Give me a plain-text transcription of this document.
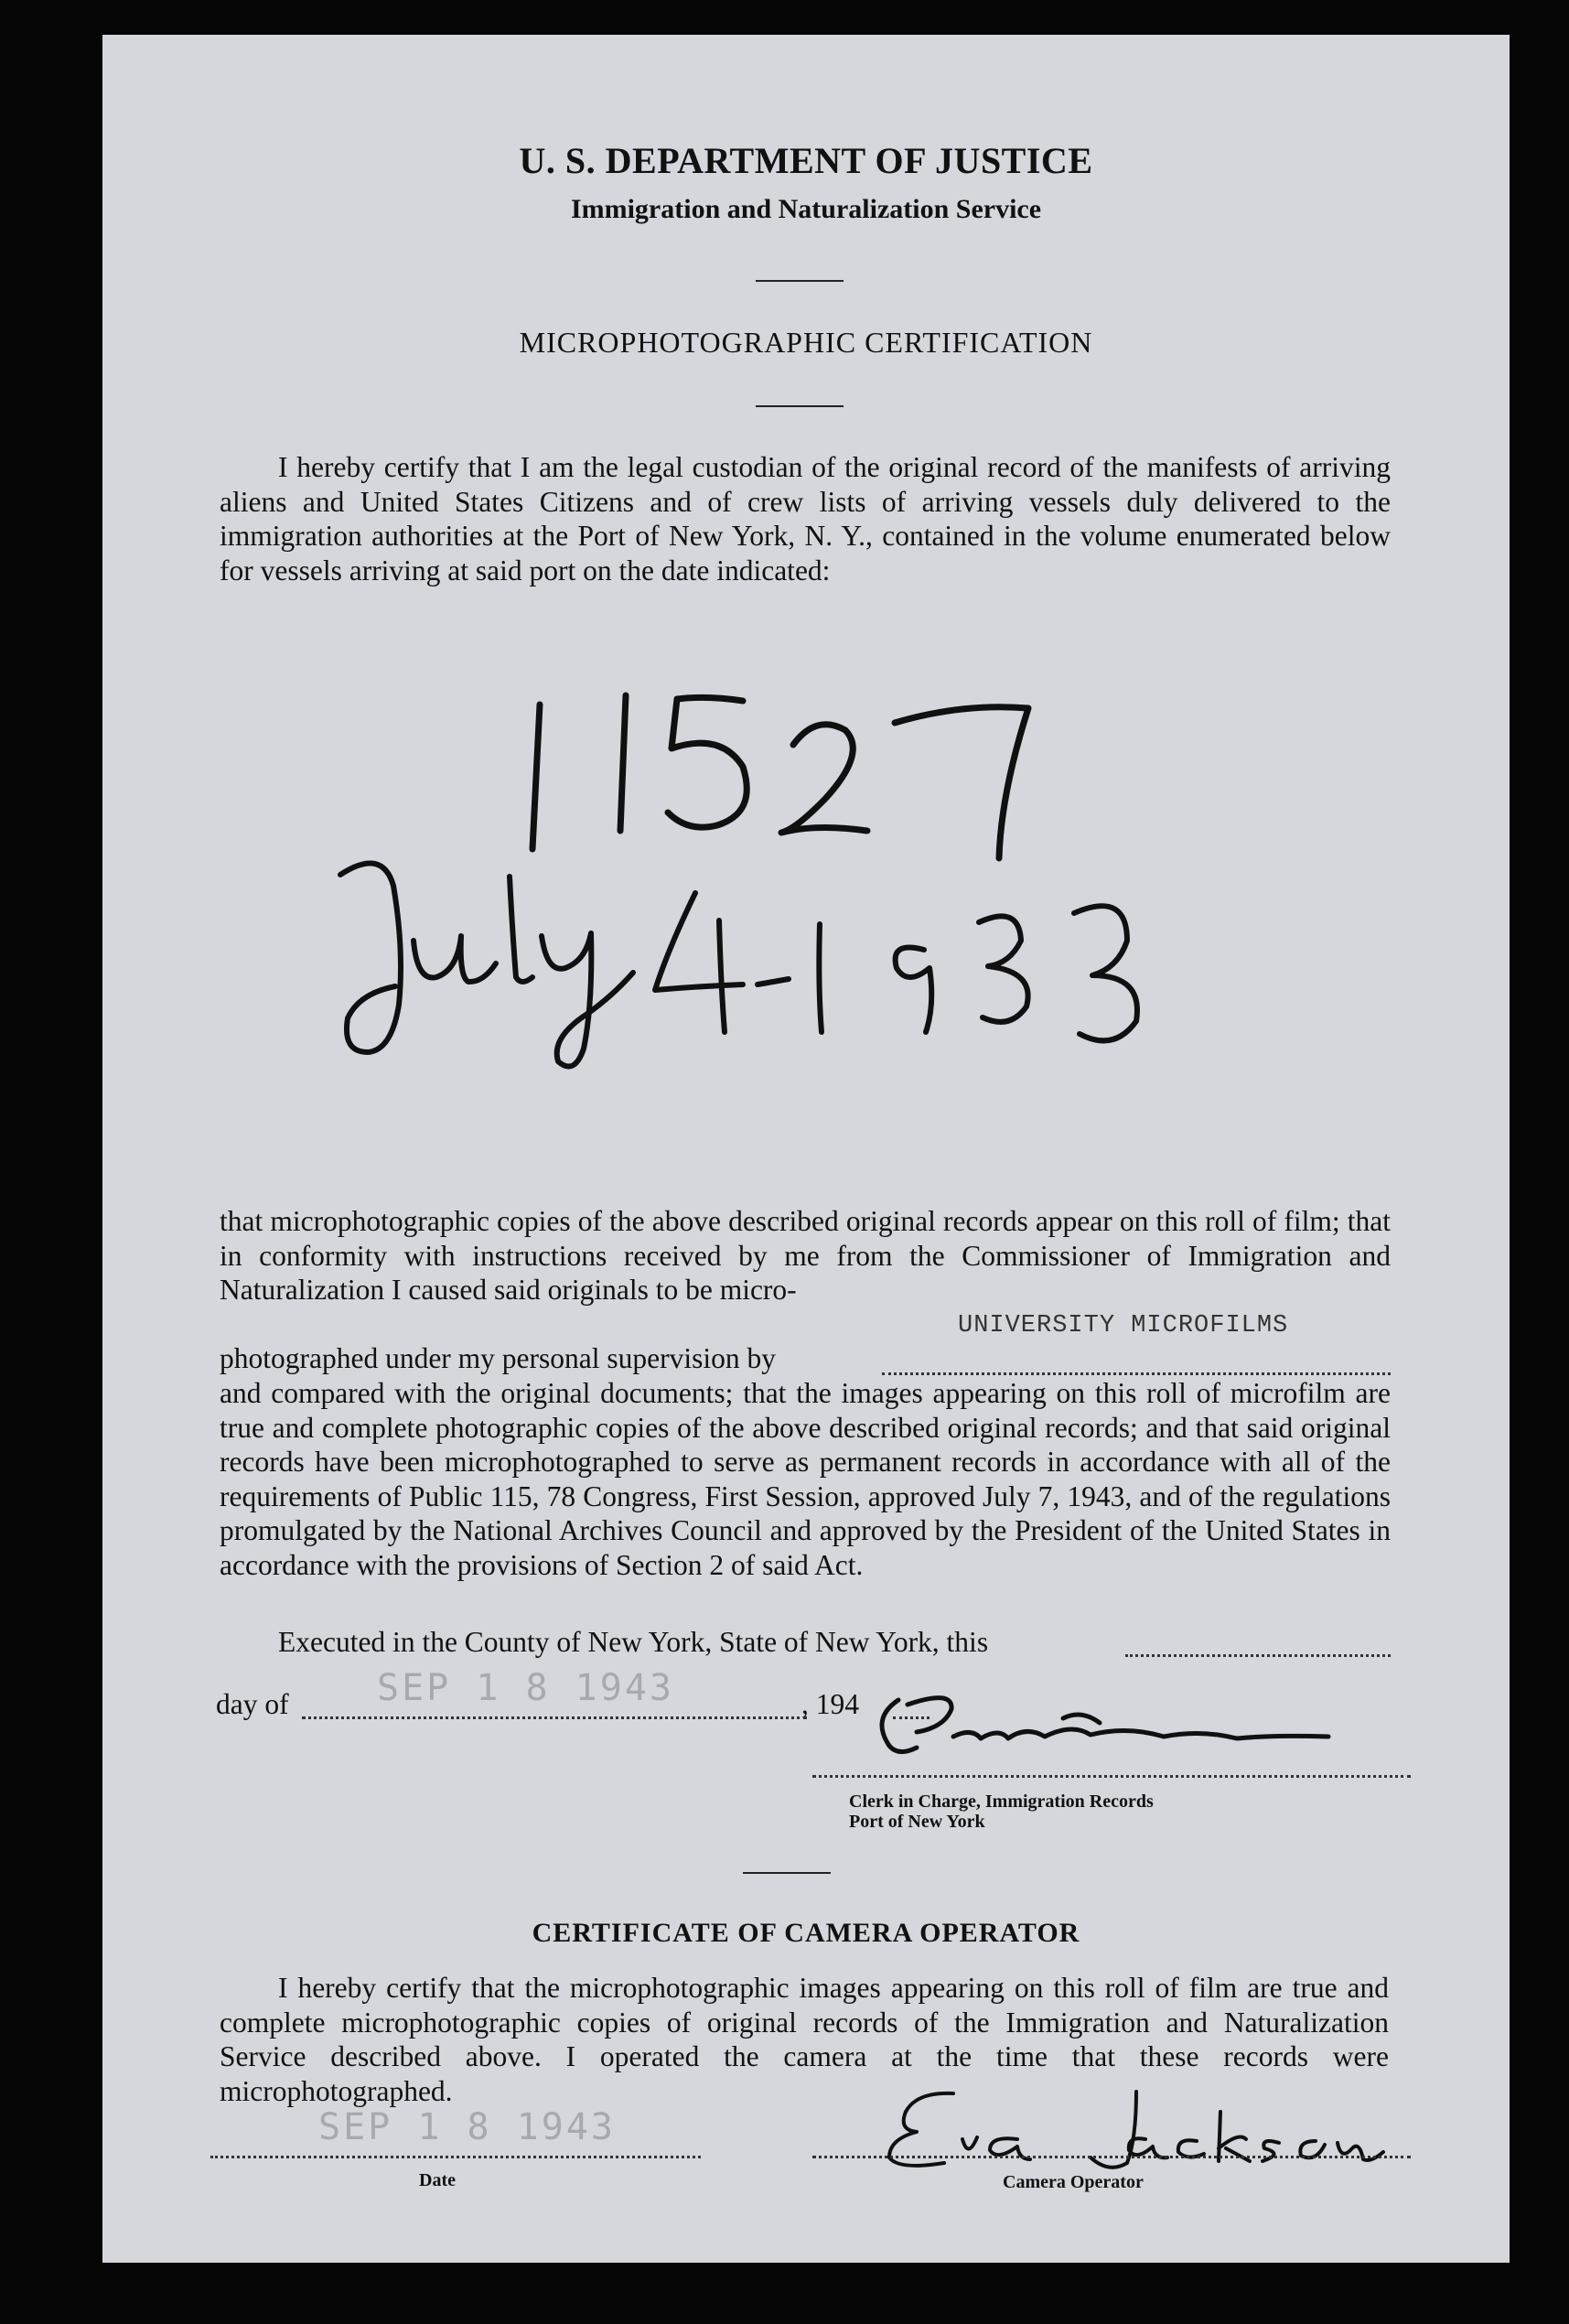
U. S. DEPARTMENT OF JUSTICE
Immigration and Naturalization Service
MICROPHOTOGRAPHIC CERTIFICATION
I hereby certify that I am the legal custodian of the original record of the manifests of arriving aliens and United States Citizens and of crew lists of arriving vessels duly delivered to the immigration authorities at the Port of New York, N. Y., contained in the volume enumerated below for vessels arriving at said port on the date indicated:
that microphotographic copies of the above described original records appear on this roll of film; that in conformity with instructions received by me from the Commissioner of Immigration and Naturalization I caused said originals to be micro-
photographed under my personal supervision by
UNIVERSITY MICROFILMS
and compared with the original documents; that the images appearing on this roll of microfilm are true and complete photographic copies of the above described original records; and that said original records have been microphotographed to serve as permanent records in accordance with all of the requirements of Public 115, 78 Congress, First Session, approved July 7, 1943, and of the regulations promulgated by the National Archives Council and approved by the President of the United States in accordance with the provisions of Section 2 of said Act.
Executed in the County of New York, State of New York, this
day of SEP 1 8 1943	, 194
Clerk in Charge, Immigration Records
Port of New York
CERTIFICATE OF CAMERA OPERATOR
I hereby certify that the microphotographic images appearing on this roll of film are true and complete microphotographic copies of original records of the Immigration and Naturalization Service described above. I operated the camera at the time that these records were microphotographed.
SEP 1 8 1943
Date	Camera Operator
